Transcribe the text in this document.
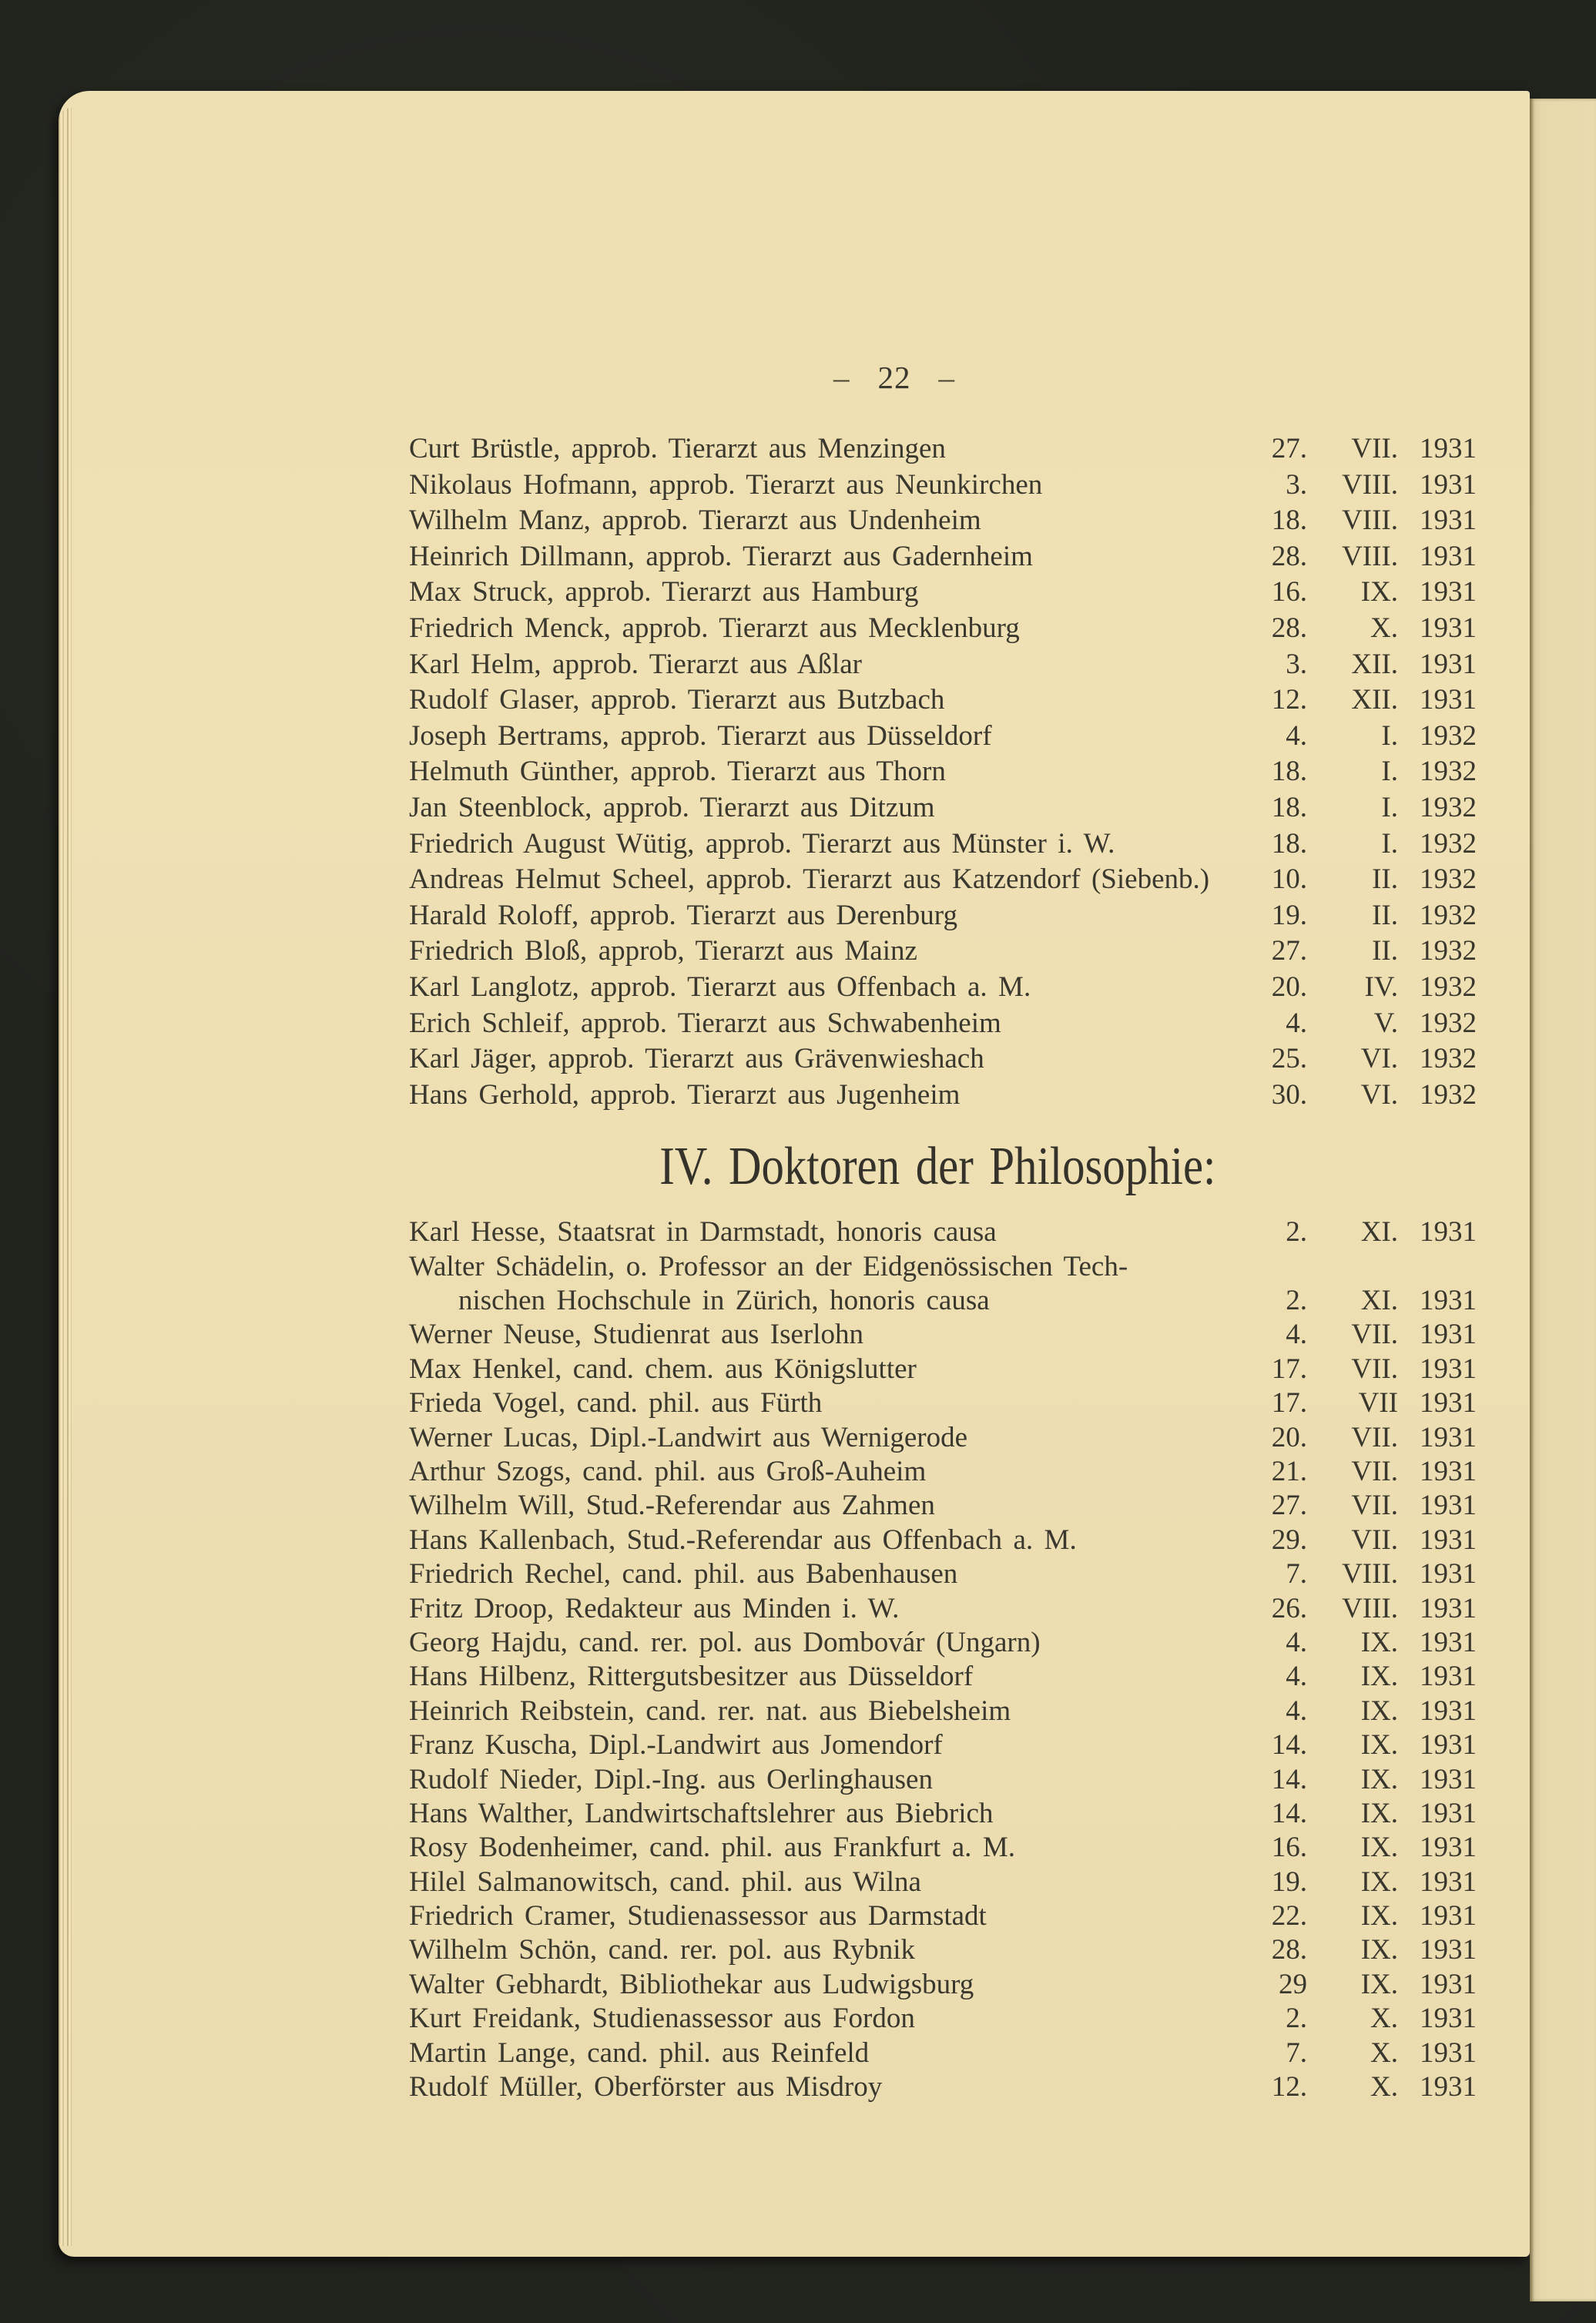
– 22 –
Curt Brüstle, approb. Tierarzt aus Menzingen	27.	VII. 1931
Nikolaus Hofmann, approb. Tierarzt aus Neunkirchen	3.	VIII. 1931
Wilhelm Manz, approb. Tierarzt aus Undenheim	18.	VIII. 1931
Heinrich Dillmann, approb. Tierarzt aus Gadernheim	28.	VIII. 1931
Max Struck, approb. Tierarzt aus Hamburg	16.	IX. 1931
Friedrich Menck, approb. Tierarzt aus Mecklenburg	28.	X. 1931
Karl Helm, approb. Tierarzt aus Aßlar	3.	XII. 1931
Rudolf Glaser, approb. Tierarzt aus Butzbach	12.	XII. 1931
Joseph Bertrams, approb. Tierarzt aus Düsseldorf	4.	I. 1932
Helmuth Günther, approb. Tierarzt aus Thorn	18.	I. 1932
Jan Steenblock, approb. Tierarzt aus Ditzum	18.	I. 1932
Friedrich August Wütig, approb. Tierarzt aus Münster i. W.	18.	I. 1932
Andreas Helmut Scheel, approb. Tierarzt aus Katzendorf (Siebenb.)	10.	II. 1932
Harald Roloff, approb. Tierarzt aus Derenburg	19.	II. 1932
Friedrich Bloß, approb, Tierarzt aus Mainz	27.	II. 1932
Karl Langlotz, approb. Tierarzt aus Offenbach a. M.	20.	IV. 1932
Erich Schleif, approb. Tierarzt aus Schwabenheim	4.	V. 1932
Karl Jäger, approb. Tierarzt aus Grävenwieshach	25.	VI. 1932
Hans Gerhold, approb. Tierarzt aus Jugenheim	30.	VI. 1932
IV. Doktoren der Philosophie:
Karl Hesse, Staatsrat in Darmstadt, honoris causa	2.	XI. 1931
Walter Schädelin, o. Professor an der Eidgenössischen Tech-
nischen Hochschule in Zürich, honoris causa	2.	XI. 1931
Werner Neuse, Studienrat aus Iserlohn	4.	VII. 1931
Max Henkel, cand. chem. aus Königslutter	17.	VII. 1931
Frieda Vogel, cand. phil. aus Fürth	17.	VII 1931
Werner Lucas, Dipl.-Landwirt aus Wernigerode	20.	VII. 1931
Arthur Szogs, cand. phil. aus Groß-Auheim	21.	VII. 1931
Wilhelm Will, Stud.-Referendar aus Zahmen	27.	VII. 1931
Hans Kallenbach, Stud.-Referendar aus Offenbach a. M.	29.	VII. 1931
Friedrich Rechel, cand. phil. aus Babenhausen	7.	VIII. 1931
Fritz Droop, Redakteur aus Minden i. W.	26.	VIII. 1931
Georg Hajdu, cand. rer. pol. aus Dombovár (Ungarn)	4.	IX. 1931
Hans Hilbenz, Rittergutsbesitzer aus Düsseldorf	4.	IX. 1931
Heinrich Reibstein, cand. rer. nat. aus Biebelsheim	4.	IX. 1931
Franz Kuscha, Dipl.-Landwirt aus Jomendorf	14.	IX. 1931
Rudolf Nieder, Dipl.-Ing. aus Oerlinghausen	14.	IX. 1931
Hans Walther, Landwirtschaftslehrer aus Biebrich	14.	IX. 1931
Rosy Bodenheimer, cand. phil. aus Frankfurt a. M.	16.	IX. 1931
Hilel Salmanowitsch, cand. phil. aus Wilna	19.	IX. 1931
Friedrich Cramer, Studienassessor aus Darmstadt	22.	IX. 1931
Wilhelm Schön, cand. rer. pol. aus Rybnik	28.	IX. 1931
Walter Gebhardt, Bibliothekar aus Ludwigsburg	29	IX. 1931
Kurt Freidank, Studienassessor aus Fordon	2.	X. 1931
Martin Lange, cand. phil. aus Reinfeld	7.	X. 1931
Rudolf Müller, Oberförster aus Misdroy	12.	X. 1931
